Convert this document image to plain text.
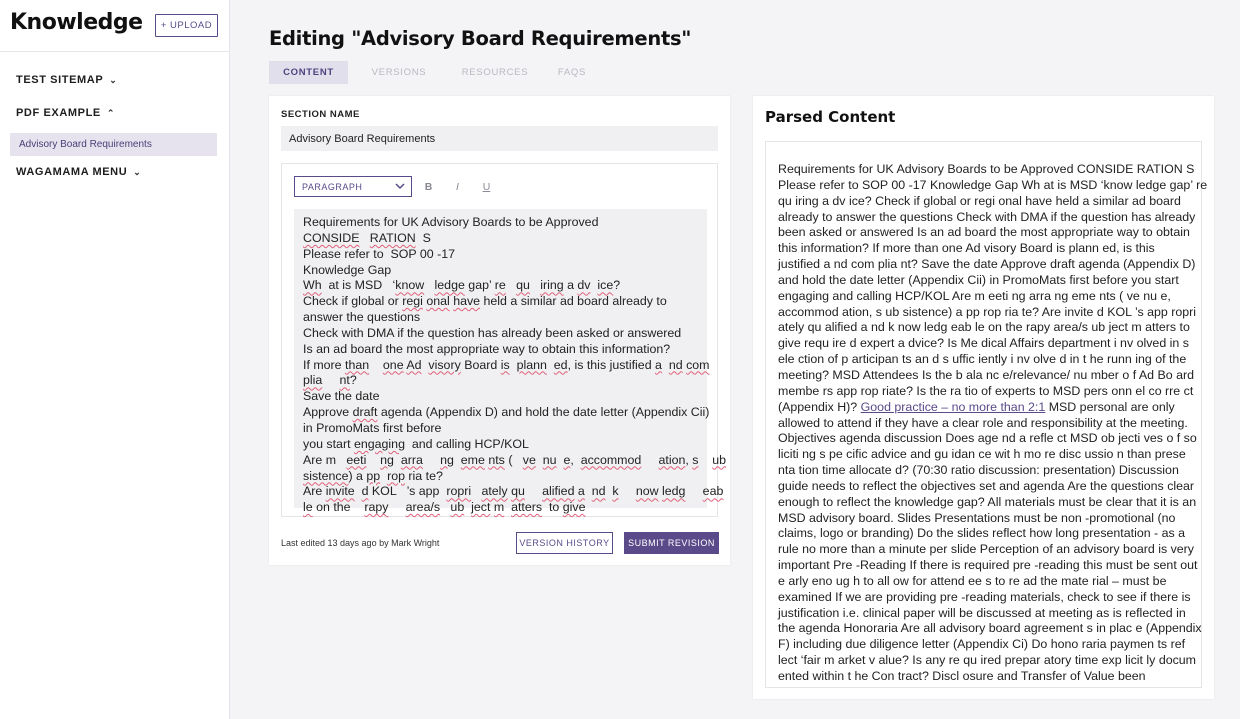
Knowledge	+ UPLOAD
TEST SITEMAP ⌄
PDF EXAMPLE ⌃
Advisory Board Requirements
WAGAMAMA MENU ⌄
Editing "Advisory Board Requirements"
CONTENT	VERSIONS	RESOURCES	FAQS
SECTION NAME
Advisory Board Requirements
PARAGRAPH	B	I	U
Requirements for UK Advisory Boards to be Approved
CONSIDE RATION  S
Please refer to  SOP 00 -17
Knowledge Gap
Wh  at is MSD   ‘know ledge gap’ re qu iring a dv ice?
Check if global or regi onal have held a similar ad board already to
answer the questions
Check with DMA if the question has already been asked or answered
Is an ad board the most appropriate way to obtain this information?
If more than one Ad visory Board is plann ed, is this justified a nd com
plia nt?
Save the date
Approve draft agenda (Appendix D) and hold the date letter (Appendix Cii)
in PromoMats first before
you start engaging  and calling HCP/KOL
Are m   eeti ng arra ng eme nts (   ve nu e,  accommod ation, s ub
sistence) a pp rop ria te?
Are invite d KOL   ’s app  ropri ately qu alified a nd k now ledg eab
le on the    rapy area/s ub ject m atters  to give
Last edited 13 days ago by Mark Wright	VERSION HISTORY	SUBMIT REVISION
Parsed Content
Requirements for UK Advisory Boards to be Approved CONSIDE RATION S
Please refer to SOP 00 -17 Knowledge Gap Wh at is MSD ‘know ledge gap’ re
qu iring a dv ice? Check if global or regi onal have held a similar ad board
already to answer the questions Check with DMA if the question has already
been asked or answered Is an ad board the most appropriate way to obtain
this information? If more than one Ad visory Board is plann ed, is this
justified a nd com plia nt? Save the date Approve draft agenda (Appendix D)
and hold the date letter (Appendix Cii) in PromoMats first before you start
engaging and calling HCP/KOL Are m eeti ng arra ng eme nts ( ve nu e,
accommod ation, s ub sistence) a pp rop ria te? Are invite d KOL ’s app ropri
ately qu alified a nd k now ledg eab le on the rapy area/s ub ject m atters to
give requ ire d expert a dvice? Is Me dical Affairs department i nv olved in s
ele ction of p articipan ts an d s uffic iently i nv olve d in t he runn ing of the
meeting? MSD Attendees Is the b ala nc e/relevance/ nu mber o f Ad Bo ard
membe rs app rop riate? Is the ra tio of experts to MSD pers onn el co rre ct
(Appendix H)? Good practice – no more than 2:1 MSD personal are only
allowed to attend if they have a clear role and responsibility at the meeting.
Objectives agenda discussion Does age nd a refle ct MSD ob jecti ves o f so
liciti ng s pe cific advice and gu idan ce wit h mo re disc ussio n than prese
nta tion time allocate d? (70:30 ratio discussion: presentation) Discussion
guide needs to reflect the objectives set and agenda Are the questions clear
enough to reflect the knowledge gap? All materials must be clear that it is an
MSD advisory board. Slides Presentations must be non -promotional (no
claims, logo or branding) Do the slides reflect how long presentation - as a
rule no more than a minute per slide Perception of an advisory board is very
important Pre -Reading If there is required pre -reading this must be sent out
e arly eno ug h to all ow for attend ee s to re ad the mate rial – must be
examined If we are providing pre -reading materials, check to see if there is
justification i.e. clinical paper will be discussed at meeting as is reflected in
the agenda Honoraria Are all advisory board agreement s in plac e (Appendix
F) including due diligence letter (Appendix Ci) Do hono raria paymen ts ref
lect ‘fair m arket v alue? Is any re qu ired prepar atory time exp licit ly docum
ented within t he Con tract? Discl osure and Transfer of Value been
